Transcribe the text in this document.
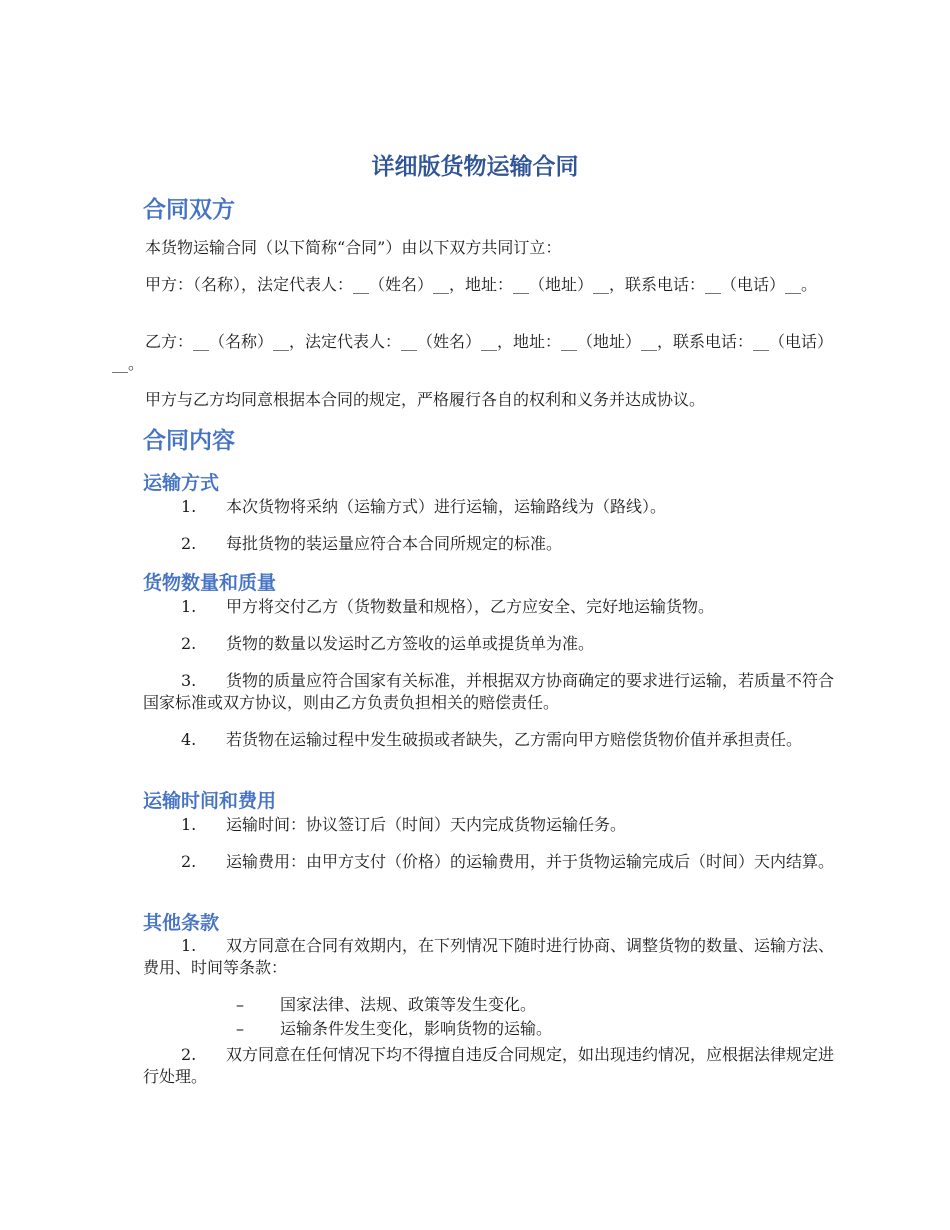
详细版货物运输合同
合同双方

本货物运输合同（以下简称“合同”）由以下双方共同订立：

甲方：（名称），法定代表人：__（姓名）__，地址：__（地址）__，联系电话：__（电话）__。

乙方：__（名称）__，法定代表人：__（姓名）__，地址：__（地址）__，联系电话：__（电话）__。

甲方与乙方均同意根据本合同的规定，严格履行各自的权利和义务并达成协议。

合同内容
运输方式

1. 本次货物将采纳（运输方式）进行运输，运输路线为（路线）。

2. 每批货物的装运量应符合本合同所规定的标准。

货物数量和质量

1. 甲方将交付乙方（货物数量和规格），乙方应安全、完好地运输货物。

2. 货物的数量以发运时乙方签收的运单或提货单为准。

3. 货物的质量应符合国家有关标准，并根据双方协商确定的要求进行运输，若质量不符合国家标准或双方协议，则由乙方负责负担相关的赔偿责任。

4. 若货物在运输过程中发生破损或者缺失，乙方需向甲方赔偿货物价值并承担责任。

运输时间和费用

1. 运输时间：协议签订后（时间）天内完成货物运输任务。

2. 运输费用：由甲方支付（价格）的运输费用，并于货物运输完成后（时间）天内结算。

其他条款

1. 双方同意在合同有效期内，在下列情况下随时进行协商、调整货物的数量、运输方法、费用、时间等条款：

– 国家法律、法规、政策等发生变化。

– 运输条件发生变化，影响货物的运输。

2. 双方同意在任何情况下均不得擅自违反合同规定，如出现违约情况，应根据法律规定进行处理。
